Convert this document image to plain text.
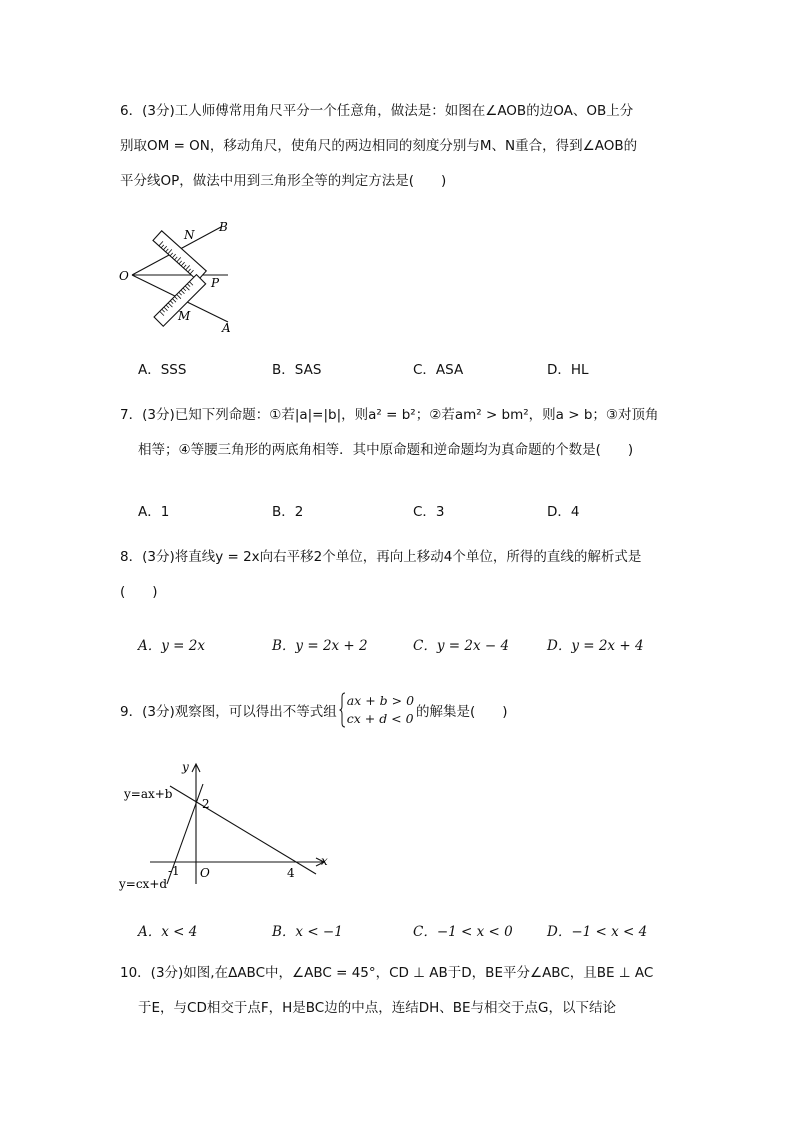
6．(3分)工人师傅常用角尺平分一个任意角，做法是：如图在∠AOB的边OA、OB上分

别取OM = ON，移动角尺，使角尺的两边相同的刻度分别与M、N重合，得到∠AOB的

平分线OP，做法中用到三角形全等的判定方法是(　　)

B
N
O	P
M
A
A．SSS	B．SAS	C．ASA	D．HL

7．(3分)已知下列命题：①若|a|=|b|，则a² = b²；②若am² > bm²，则a > b；③对顶角

相等；④等腰三角形的两底角相等．其中原命题和逆命题均为真命题的个数是(　　)

A．1	B．2	C．3	D．4

8．(3分)将直线y = 2x向右平移2个单位，再向上移动4个单位，所得的直线的解析式是

(　　)

A．y = 2x	B．y = 2x + 2	C．y = 2x − 4	D．y = 2x + 4
9．(3分)观察图，可以得出不等式组
ax + b > 0
cx + d < 0 的解集是(　　)
y
x
y=ax+b
y=cx+d
2
O
-1	4
A．x < 4	B．x < −1	C．−1 < x < 0	D．−1 < x < 4

10．(3分)如图,在ΔABC中，∠ABC = 45°，CD ⊥ AB于D，BE平分∠ABC，且BE ⊥ AC

于E，与CD相交于点F，H是BC边的中点，连结DH、BE与相交于点G，以下结论
